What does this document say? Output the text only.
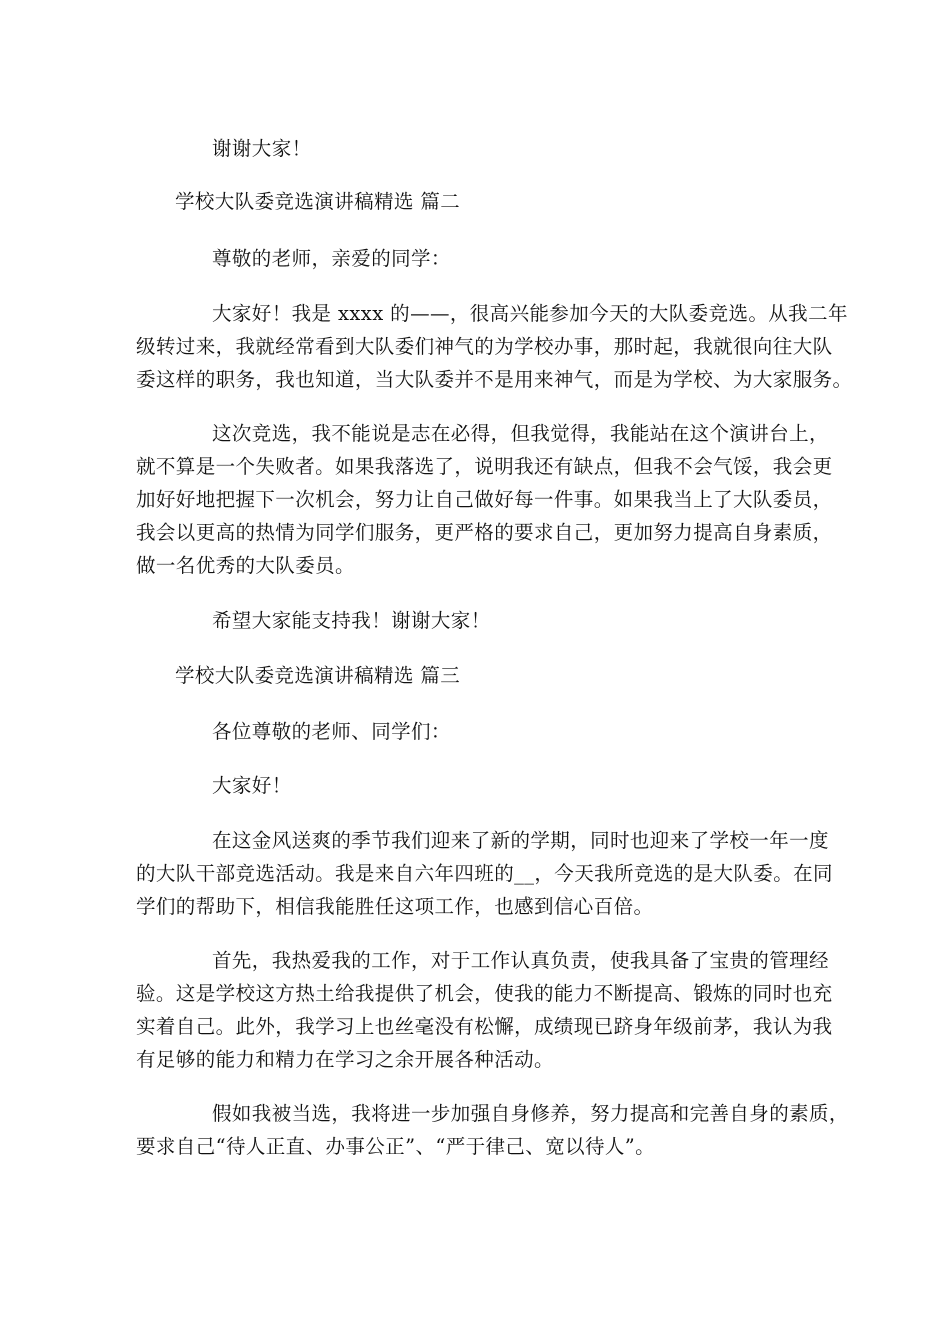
谢谢大家！
学校大队委竞选演讲稿精选 篇二
尊敬的老师，亲爱的同学：
大家好！我是 xxxx 的——，很高兴能参加今天的大队委竞选。从我二年
级转过来，我就经常看到大队委们神气的为学校办事，那时起，我就很向往大队
委这样的职务，我也知道，当大队委并不是用来神气，而是为学校、为大家服务。
这次竞选，我不能说是志在必得，但我觉得，我能站在这个演讲台上，
就不算是一个失败者。如果我落选了，说明我还有缺点，但我不会气馁，我会更
加好好地把握下一次机会，努力让自己做好每一件事。如果我当上了大队委员，
我会以更高的热情为同学们服务，更严格的要求自己，更加努力提高自身素质，
做一名优秀的大队委员。
希望大家能支持我！谢谢大家！
学校大队委竞选演讲稿精选 篇三
各位尊敬的老师、同学们：
大家好！
在这金风送爽的季节我们迎来了新的学期，同时也迎来了学校一年一度
的大队干部竞选活动。我是来自六年四班的__，今天我所竞选的是大队委。在同
学们的帮助下，相信我能胜任这项工作，也感到信心百倍。
首先，我热爱我的工作，对于工作认真负责，使我具备了宝贵的管理经
验。这是学校这方热土给我提供了机会，使我的能力不断提高、锻炼的同时也充
实着自己。此外，我学习上也丝毫没有松懈，成绩现已跻身年级前茅，我认为我
有足够的能力和精力在学习之余开展各种活动。
假如我被当选，我将进一步加强自身修养，努力提高和完善自身的素质，
要求自己“待人正直、办事公正”、“严于律己、宽以待人”。
